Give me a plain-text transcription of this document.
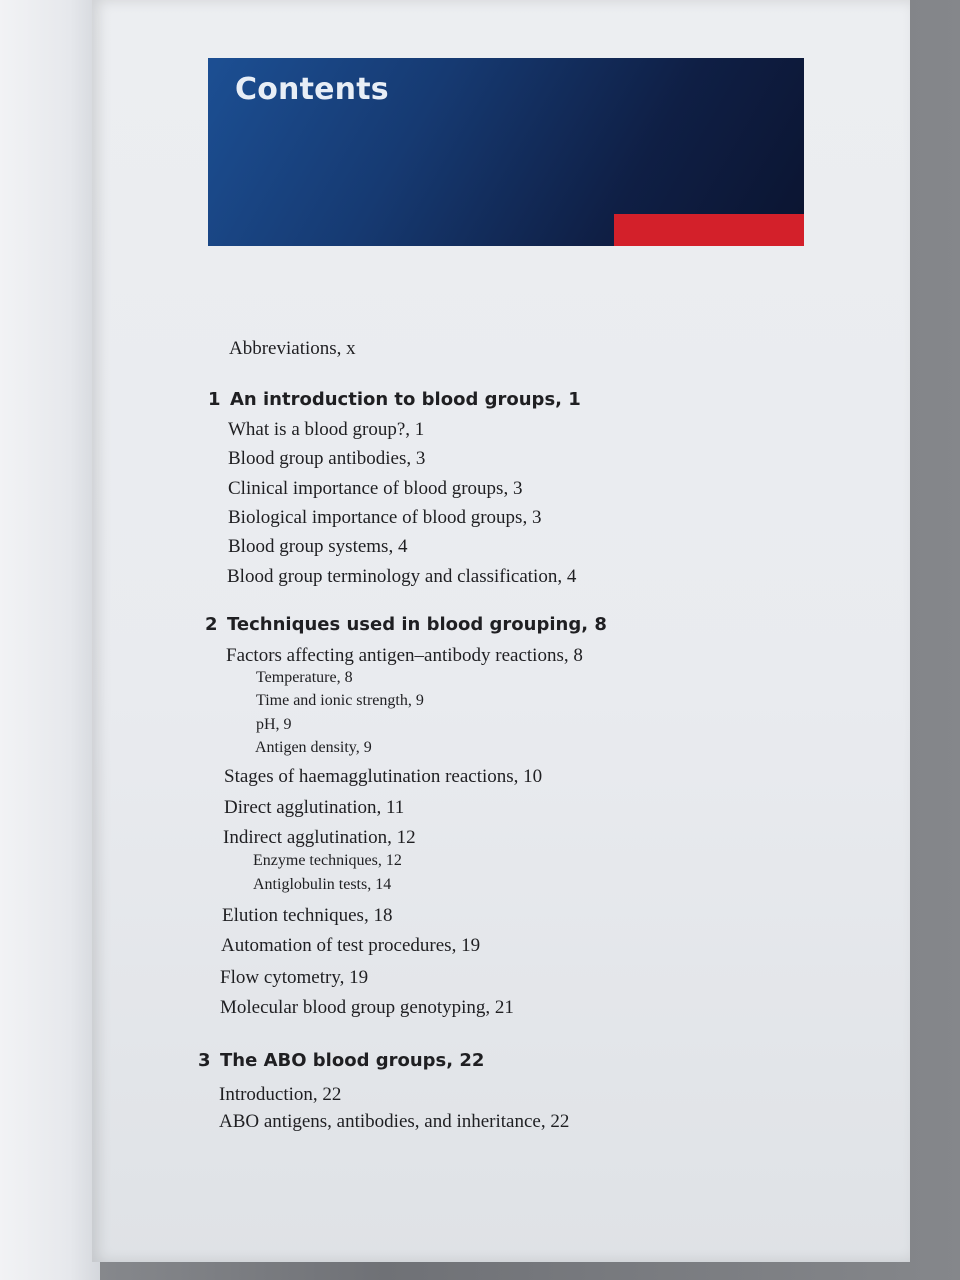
Contents
Abbreviations, x
1 An introduction to blood groups, 1
What is a blood group?, 1
Blood group antibodies, 3
Clinical importance of blood groups, 3
Biological importance of blood groups, 3
Blood group systems, 4
Blood group terminology and classification, 4
2 Techniques used in blood grouping, 8
Factors affecting antigen–antibody reactions, 8
Temperature, 8
Time and ionic strength, 9
pH, 9
Antigen density, 9
Stages of haemagglutination reactions, 10
Direct agglutination, 11
Indirect agglutination, 12
Enzyme techniques, 12
Antiglobulin tests, 14
Elution techniques, 18
Automation of test procedures, 19
Flow cytometry, 19
Molecular blood group genotyping, 21
3 The ABO blood groups, 22
Introduction, 22
ABO antigens, antibodies, and inheritance, 22
